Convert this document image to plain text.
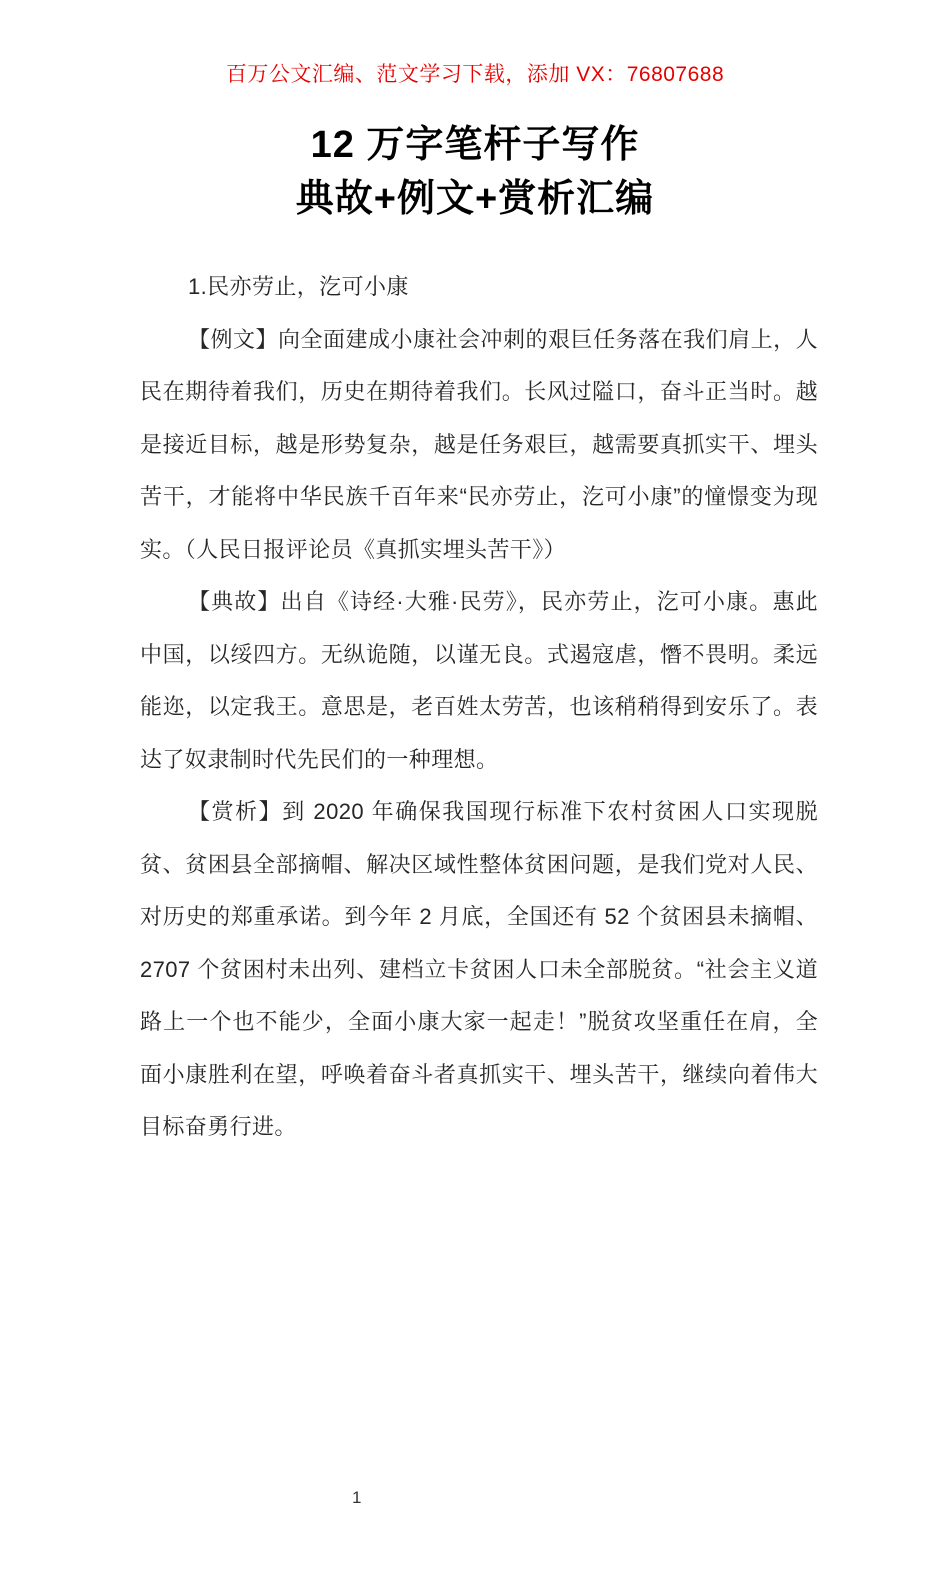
百万公文汇编、范文学习下载，添加 VX：76807688
12 万字笔杆子写作
典故+例文+赏析汇编

1.民亦劳止，汔可小康

【例文】向全面建成小康社会冲刺的艰巨任务落在我们肩上，人民在期待着我们，历史在期待着我们。长风过隘口，奋斗正当时。越是接近目标，越是形势复杂，越是任务艰巨，越需要真抓实干、埋头苦干，才能将中华民族千百年来“民亦劳止，汔可小康”的憧憬变为现实。（人民日报评论员《真抓实埋头苦干》）

【典故】出自《诗经·大雅·民劳》，民亦劳止，汔可小康。惠此中国，以绥四方。无纵诡随，以谨无良。式遏寇虐，憯不畏明。柔远能迩，以定我王。意思是，老百姓太劳苦，也该稍稍得到安乐了。表达了奴隶制时代先民们的一种理想。

【赏析】到 2020 年确保我国现行标准下农村贫困人口实现脱贫、贫困县全部摘帽、解决区域性整体贫困问题，是我们党对人民、对历史的郑重承诺。到今年 2 月底，全国还有 52 个贫困县未摘帽、2707 个贫困村未出列、建档立卡贫困人口未全部脱贫。“社会主义道路上一个也不能少，全面小康大家一起走！”脱贫攻坚重任在肩，全面小康胜利在望，呼唤着奋斗者真抓实干、埋头苦干，继续向着伟大目标奋勇行进。

1
